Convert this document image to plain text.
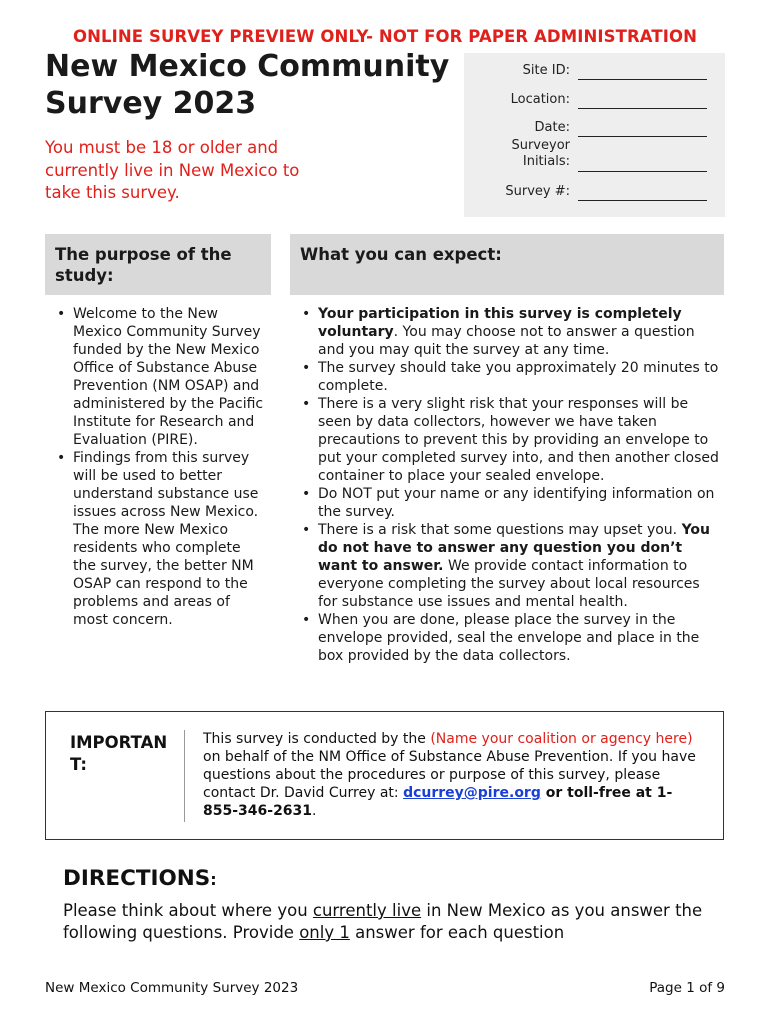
ONLINE SURVEY PREVIEW ONLY- NOT FOR PAPER ADMINISTRATION
New Mexico Community Survey 2023
You must be 18 or older and currently live in New Mexico to take this survey.
Site ID:
Location:
Date:
Surveyor Initials:
Survey #:
The purpose of the study:
What you can expect:
• Welcome to the New Mexico Community Survey funded by the New Mexico Office of Substance Abuse Prevention (NM OSAP) and administered by the Pacific Institute for Research and Evaluation (PIRE).
• Findings from this survey will be used to better understand substance use issues across New Mexico. The more New Mexico residents who complete the survey, the better NM OSAP can respond to the problems and areas of most concern.
• Your participation in this survey is completely voluntary. You may choose not to answer a question and you may quit the survey at any time.
• The survey should take you approximately 20 minutes to complete.
• There is a very slight risk that your responses will be seen by data collectors, however we have taken precautions to prevent this by providing an envelope to put your completed survey into, and then another closed container to place your sealed envelope.
• Do NOT put your name or any identifying information on the survey.
• There is a risk that some questions may upset you. You do not have to answer any question you don’t want to answer. We provide contact information to everyone completing the survey about local resources for substance use issues and mental health.
• When you are done, please place the survey in the envelope provided, seal the envelope and place in the box provided by the data collectors.
IMPORTANT:
This survey is conducted by the (Name your coalition or agency here) on behalf of the NM Office of Substance Abuse Prevention. If you have questions about the procedures or purpose of this survey, please contact Dr. David Currey at: dcurrey@pire.org or toll-free at 1-855-346-2631.
DIRECTIONS:
Please think about where you currently live in New Mexico as you answer the following questions. Provide only 1 answer for each question
New Mexico Community Survey 2023	Page 1 of 9
